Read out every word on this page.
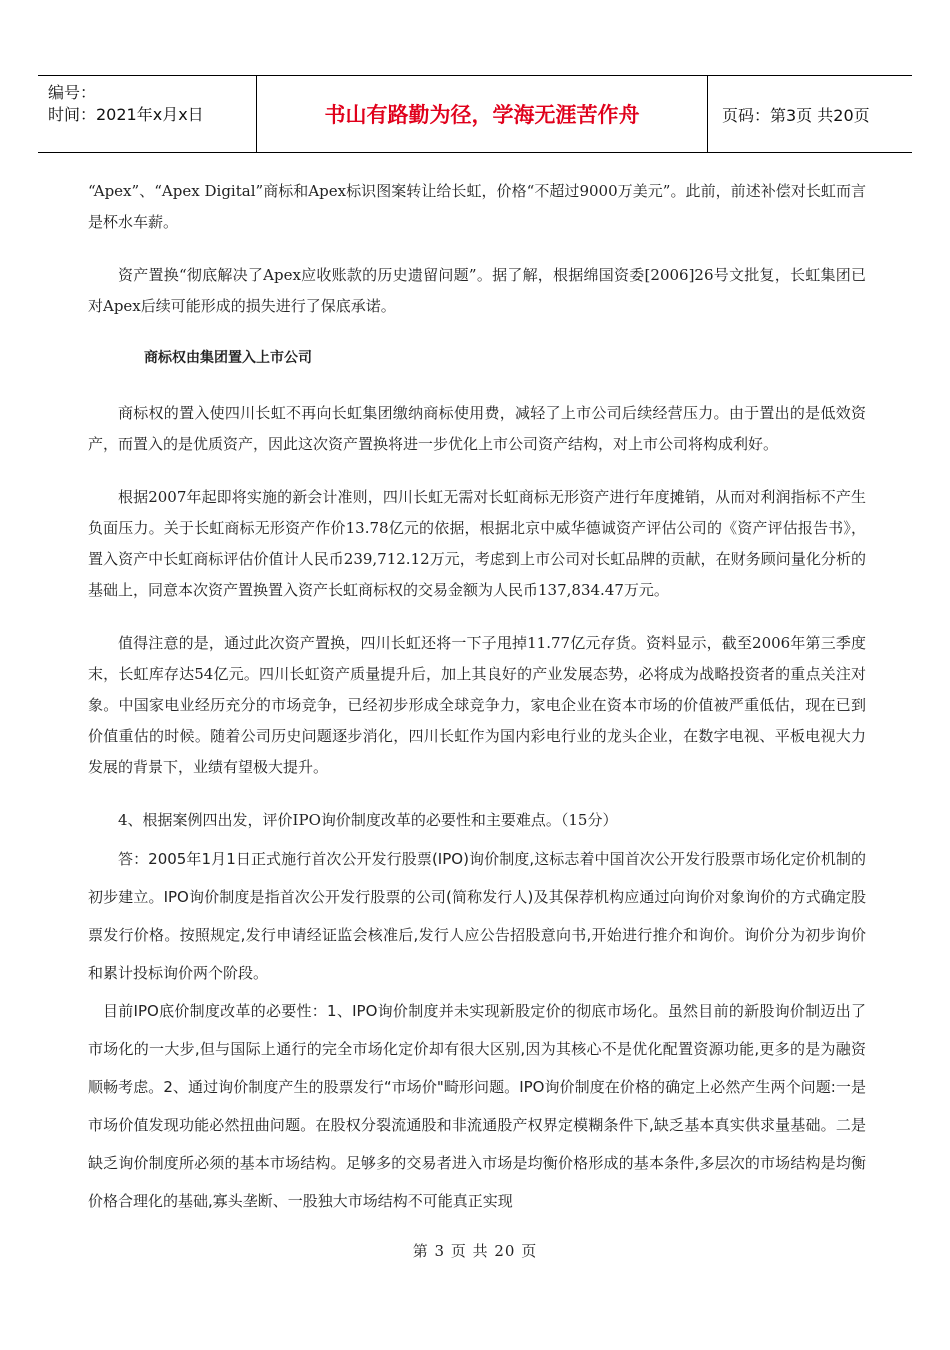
编号：
时间：2021年x月x日	书山有路勤为径，学海无涯苦作舟	页码：第3页 共20页

“Apex”、“Apex Digital”商标和Apex标识图案转让给长虹，价格“不超过9000万美元”。此前，前述补偿对长虹而言是杯水车薪。

资产置换“彻底解决了Apex应收账款的历史遗留问题”。据了解，根据绵国资委[2006]26号文批复，长虹集团已对Apex后续可能形成的损失进行了保底承诺。

商标权由集团置入上市公司

商标权的置入使四川长虹不再向长虹集团缴纳商标使用费，减轻了上市公司后续经营压力。由于置出的是低效资产，而置入的是优质资产，因此这次资产置换将进一步优化上市公司资产结构，对上市公司将构成利好。

根据2007年起即将实施的新会计准则，四川长虹无需对长虹商标无形资产进行年度摊销，从而对利润指标不产生负面压力。关于长虹商标无形资产作价13.78亿元的依据，根据北京中威华德诚资产评估公司的《资产评估报告书》，置入资产中长虹商标评估价值计人民币239,712.12万元，考虑到上市公司对长虹品牌的贡献，在财务顾问量化分析的基础上，同意本次资产置换置入资产长虹商标权的交易金额为人民币137,834.47万元。

值得注意的是，通过此次资产置换，四川长虹还将一下子甩掉11.77亿元存货。资料显示，截至2006年第三季度末，长虹库存达54亿元。四川长虹资产质量提升后，加上其良好的产业发展态势，必将成为战略投资者的重点关注对象。中国家电业经历充分的市场竞争，已经初步形成全球竞争力，家电企业在资本市场的价值被严重低估，现在已到价值重估的时候。随着公司历史问题逐步消化，四川长虹作为国内彩电行业的龙头企业，在数字电视、平板电视大力发展的背景下，业绩有望极大提升。

4、根据案例四出发，评价IPO询价制度改革的必要性和主要难点。（15分）

答：2005年1月1日正式施行首次公开发行股票(IPO)询价制度,这标志着中国首次公开发行股票市场化定价机制的初步建立。IPO询价制度是指首次公开发行股票的公司(简称发行人)及其保荐机构应通过向询价对象询价的方式确定股票发行价格。按照规定,发行申请经证监会核准后,发行人应公告招股意向书,开始进行推介和询价。询价分为初步询价和累计投标询价两个阶段。

目前IPO底价制度改革的必要性：1、IPO询价制度并未实现新股定价的彻底市场化。虽然目前的新股询价制迈出了市场化的一大步,但与国际上通行的完全市场化定价却有很大区别,因为其核心不是优化配置资源功能,更多的是为融资顺畅考虑。2、通过询价制度产生的股票发行“市场价"畸形问题。IPO询价制度在价格的确定上必然产生两个问题:一是市场价值发现功能必然扭曲问题。在股权分裂流通股和非流通股产权界定模糊条件下,缺乏基本真实供求量基础。二是缺乏询价制度所必须的基本市场结构。足够多的交易者进入市场是均衡价格形成的基本条件,多层次的市场结构是均衡价格合理化的基础,寡头垄断、一股独大市场结构不可能真正实现

第 3 页 共 20 页
